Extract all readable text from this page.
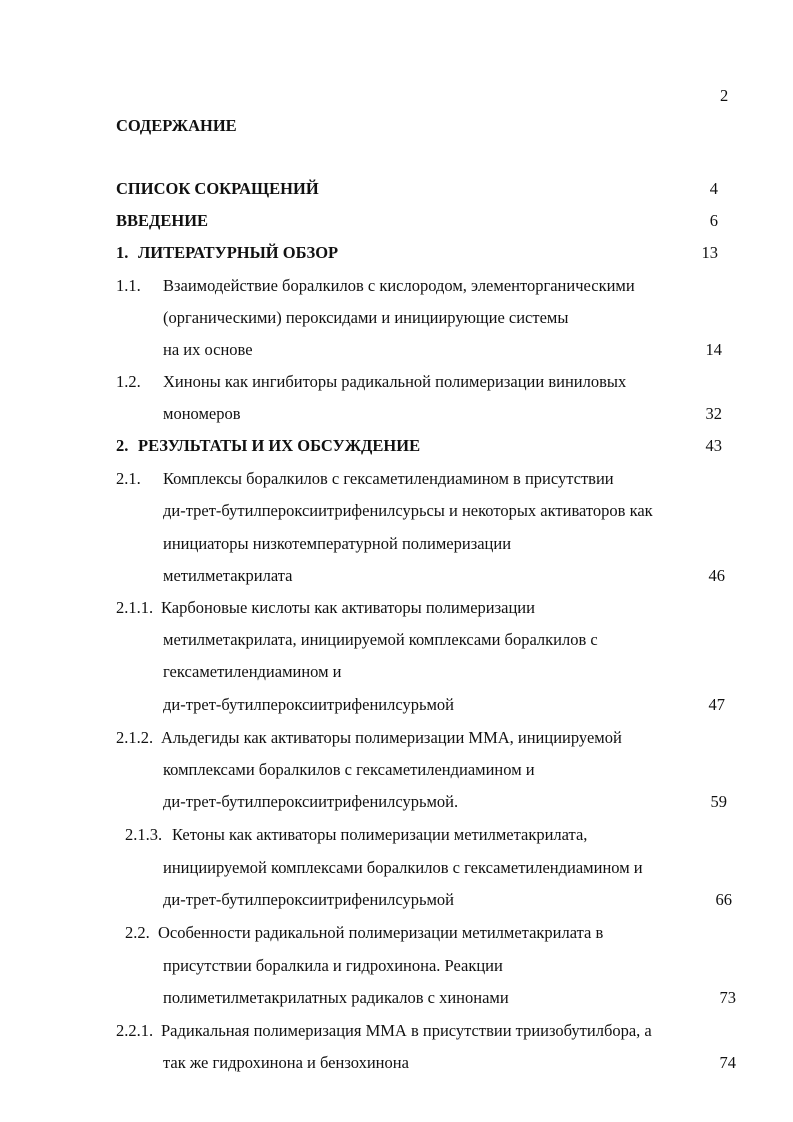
2
СОДЕРЖАНИЕ
СПИСОК СОКРАЩЕНИЙ	4
ВВЕДЕНИЕ	6
1. ЛИТЕРАТУРНЫЙ ОБЗОР	13
1.1. Взаимодействие боралкилов с кислородом, элементорганическими
(органическими) пероксидами и инициирующие системы
на их основе	14
1.2. Хиноны как ингибиторы радикальной полимеризации виниловых
мономеров	32
2. РЕЗУЛЬТАТЫ И ИХ ОБСУЖДЕНИЕ	43
2.1. Комплексы боралкилов с гексаметилендиамином в присутствии
ди-трет-бутилпероксиитрифенилсурьсы и некоторых активаторов как
инициаторы низкотемпературной полимеризации
метилметакрилата	46
2.1.1. Карбоновые кислоты как активаторы полимеризации
метилметакрилата, инициируемой комплексами боралкилов с
гексаметилендиамином и
ди-трет-бутилпероксиитрифенилсурьмой	47
2.1.2. Альдегиды как активаторы полимеризации ММА, инициируемой
комплексами боралкилов с гексаметилендиамином и
ди-трет-бутилпероксиитрифенилсурьмой.	59
2.1.3. Кетоны как активаторы полимеризации метилметакрилата,
инициируемой комплексами боралкилов с гексаметилендиамином и
ди-трет-бутилпероксиитрифенилсурьмой	66
2.2. Особенности радикальной полимеризации метилметакрилата в
присутствии боралкила и гидрохинона. Реакции
полиметилметакрилатных радикалов с хинонами	73
2.2.1. Радикальная полимеризация ММА в присутствии триизобутилбора, а
так же гидрохинона и бензохинона	74
